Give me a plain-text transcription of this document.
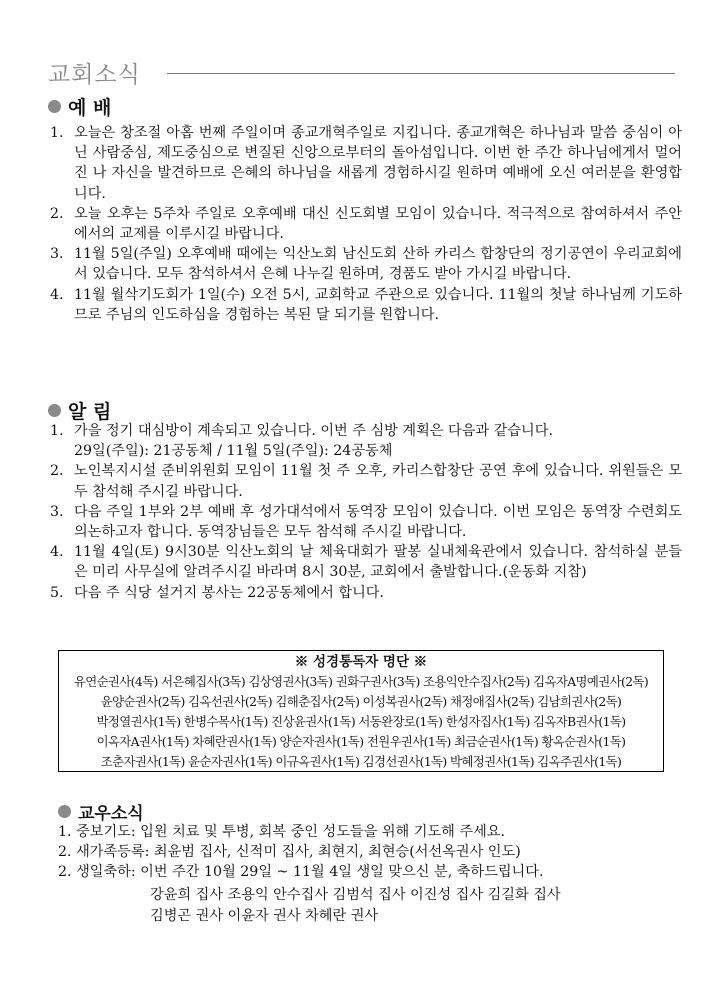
교회소식
예 배
1. 오늘은 창조절 아홉 번째 주일이며 종교개혁주일로 지킵니다. 종교개혁은 하나님과 말씀 중심이 아닌 사람중심, 제도중심으로 변질된 신앙으로부터의 돌아섬입니다. 이번 한 주간 하나님에게서 멀어진 나 자신을 발견하므로 은혜의 하나님을 새롭게 경험하시길 원하며 예배에 오신 여러분을 환영합니다.
2. 오늘 오후는 5주차 주일로 오후예배 대신 신도회별 모임이 있습니다. 적극적으로 참여하셔서 주안에서의 교제를 이루시길 바랍니다.
3. 11월 5일(주일) 오후예배 때에는 익산노회 남신도회 산하 카리스 합창단의 정기공연이 우리교회에서 있습니다. 모두 참석하셔서 은혜 나누길 원하며, 경품도 받아 가시길 바랍니다.
4. 11월 월삭기도회가 1일(수) 오전 5시, 교회학교 주관으로 있습니다. 11월의 첫날 하나님께 기도하므로 주님의 인도하심을 경험하는 복된 달 되기를 원합니다.
알 림
1. 가을 정기 대심방이 계속되고 있습니다. 이번 주 심방 계획은 다음과 같습니다.
29일(주일): 21공동체 / 11월 5일(주일): 24공동체
2. 노인복지시설 준비위원회 모임이 11월 첫 주 오후, 카리스합창단 공연 후에 있습니다. 위원들은 모두 참석해 주시길 바랍니다.
3. 다음 주일 1부와 2부 예배 후 성가대석에서 동역장 모임이 있습니다. 이번 모임은 동역장 수련회도 의논하고자 합니다. 동역장님들은 모두 참석해 주시길 바랍니다.
4. 11월 4일(토) 9시30분 익산노회의 날 체육대회가 팔봉 실내체육관에서 있습니다. 참석하실 분들은 미리 사무실에 알려주시길 바라며 8시 30분, 교회에서 출발합니다.(운동화 지참)
5. 다음 주 식당 설거지 봉사는 22공동체에서 합니다.
※ 성경통독자 명단 ※
유연순권사(4독) 서은혜집사(3독) 김상영권사(3독) 권화구권사(3독) 조용익안수집사(2독) 김옥자A명예권사(2독)
윤양순권사(2독) 김옥선권사(2독) 김해춘집사(2독) 이성복권사(2독) 채정애집사(2독) 김남희권사(2독)
박정열권사(1독) 한병수목사(1독) 진상윤권사(1독) 서동완장로(1독) 한성자집사(1독) 김옥자B권사(1독)
이옥자A권사(1독) 차혜란권사(1독) 양순자권사(1독) 전원우권사(1독) 최금순권사(1독) 황옥순권사(1독)
조춘자권사(1독) 윤순자권사(1독) 이규옥권사(1독) 김경선권사(1독) 박혜정권사(1독) 김옥주권사(1독)
교우소식
1. 중보기도: 입원 치료 및 투병, 회복 중인 성도들을 위해 기도해 주세요.
2. 새가족등록: 최윤범 집사, 신적미 집사, 최현지, 최현승(서선옥권사 인도)
2. 생일축하: 이번 주간 10월 29일 ~ 11월 4일 생일 맞으신 분, 축하드립니다.
강윤희 집사 조용익 안수집사 김범석 집사 이진성 집사 김길화 집사
김병곤 권사 이윤자 권사 차혜란 권사
